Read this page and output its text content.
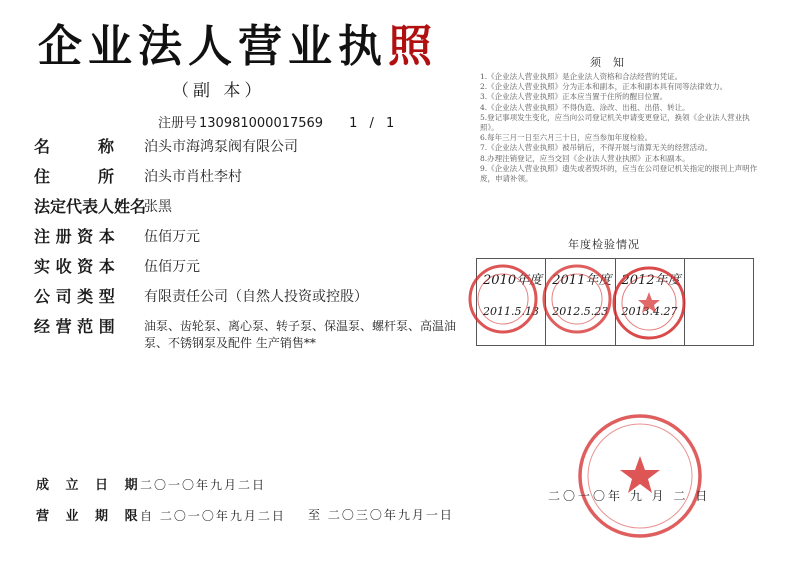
企业法人营业执照
（副 本）
注册号 130981000017569 1 / 1
名　　　称 泊头市海鸿泵阀有限公司
住　　　所 泊头市肖杜李村
法定代表人姓名
张黑
注 册 资 本 伍佰万元
实 收 资 本 伍佰万元
公 司 类 型 有限责任公司（自然人投资或控股）
经 营 范 围 油泵、齿轮泵、离心泵、转子泵、保温泵、螺杆泵、高温油泵、不锈钢泵及配件 生产销售**
须知
1.《企业法人营业执照》是企业法人资格和合法经营的凭证。
2.《企业法人营业执照》分为正本和副本，正本和副本具有同等法律效力。
3.《企业法人营业执照》正本应当置于住所的醒目位置。
4.《企业法人营业执照》不得伪造、涂改、出租、出借、转让。
5.登记事项发生变化，应当向公司登记机关申请变更登记，换领《企业法人营业执照》。
6.每年三月一日至六月三十日，应当参加年度检验。
7.《企业法人营业执照》被吊销后，不得开展与清算无关的经营活动。
8.办理注销登记，应当交回《企业法人营业执照》正本和副本。
9.《企业法人营业执照》遗失或者毁坏的，应当在公司登记机关指定的报刊上声明作废，申请补领。
年度检验情况
2010年度
2011.5.13
2011年度
2012.5.23
2012年度
2013.4.27
成 立 日 期二〇一〇年九月二日
营 业 期 限自 二〇一〇年九月二日 至 二〇三〇年九月一日
二〇一〇年 九 月 二 日
